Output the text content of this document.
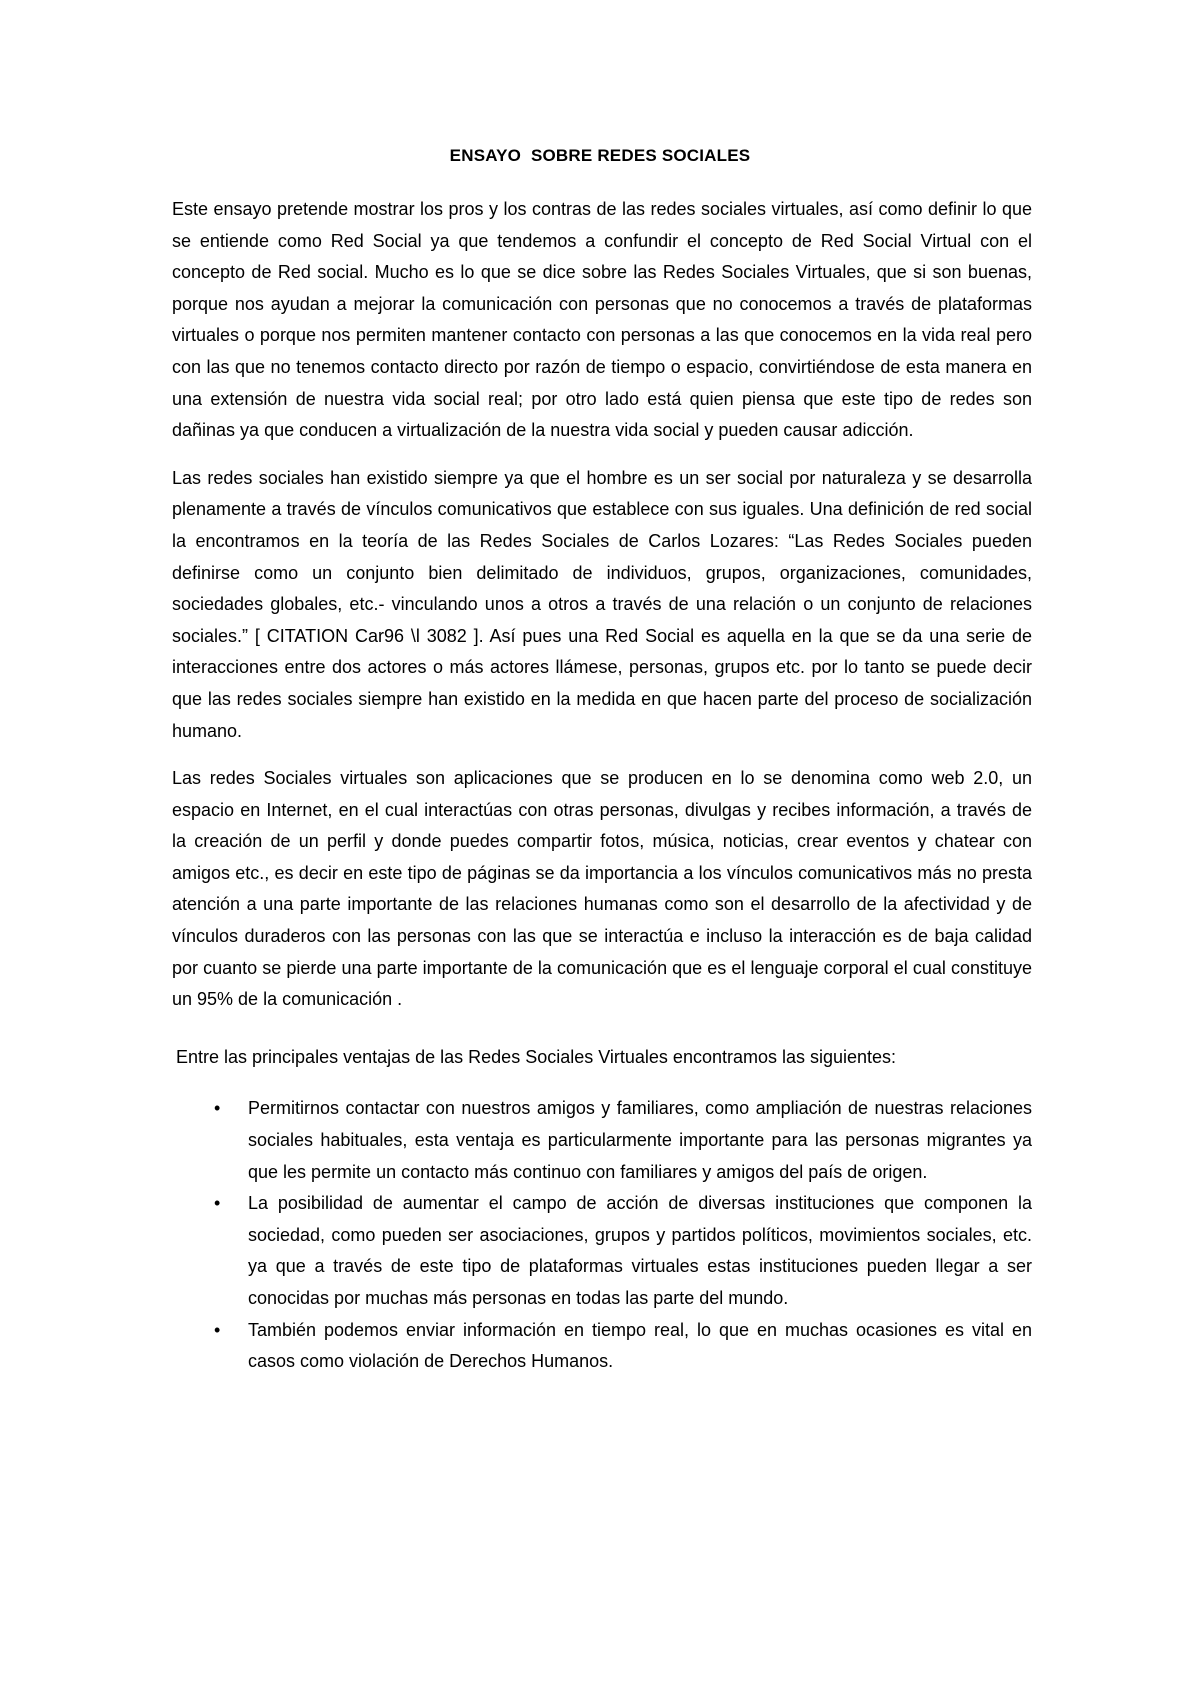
ENSAYO  SOBRE REDES SOCIALES

Este ensayo pretende mostrar los pros y los contras de las redes sociales virtuales, así como definir lo que se entiende como Red Social ya que tendemos a confundir el concepto de Red Social Virtual con el concepto de Red social. Mucho es lo que se dice sobre las Redes Sociales Virtuales, que si son buenas, porque nos ayudan a mejorar la comunicación con personas que no conocemos a través de plataformas virtuales o porque nos permiten mantener contacto con personas a las que conocemos en la vida real pero con las que no tenemos contacto directo por razón de tiempo o espacio, convirtiéndose de esta manera en una extensión de nuestra vida social real; por otro lado está quien piensa que este tipo de redes son dañinas ya que conducen a virtualización de la nuestra vida social y pueden causar adicción.

Las redes sociales han existido siempre ya que el hombre es un ser social por naturaleza y se desarrolla plenamente a través de vínculos comunicativos que establece con sus iguales. Una definición de red social la encontramos en la teoría de las Redes Sociales de Carlos Lozares: “Las Redes Sociales pueden definirse como un conjunto bien delimitado de individuos, grupos, organizaciones, comunidades, sociedades globales, etc.- vinculando unos a otros a través de una relación o un conjunto de relaciones sociales.” [ CITATION Car96 \l 3082 ]. Así pues una Red Social es aquella en la que se da una serie de interacciones entre dos actores o más actores llámese, personas, grupos etc. por lo tanto se puede decir que las redes sociales siempre han existido en la medida en que hacen parte del proceso de socialización humano.

Las redes Sociales virtuales son aplicaciones que se producen en lo se denomina como web 2.0, un espacio en Internet, en el cual interactúas con otras personas, divulgas y recibes información, a través de la creación de un perfil y donde puedes compartir fotos, música, noticias, crear eventos y chatear con amigos etc., es decir en este tipo de páginas se da importancia a los vínculos comunicativos más no presta atención a una parte importante de las relaciones humanas como son el desarrollo de la afectividad y de vínculos duraderos con las personas con las que se interactúa e incluso la interacción es de baja calidad por cuanto se pierde una parte importante de la comunicación que es el lenguaje corporal el cual constituye un 95% de la comunicación .

Entre las principales ventajas de las Redes Sociales Virtuales encontramos las siguientes:

• Permitirnos contactar con nuestros amigos y familiares, como ampliación de nuestras relaciones sociales habituales, esta ventaja es particularmente importante para las personas migrantes ya que les permite un contacto más continuo con familiares y amigos del país de origen.
• La posibilidad de aumentar el campo de acción de diversas instituciones que componen la sociedad, como pueden ser asociaciones, grupos y partidos políticos, movimientos sociales, etc. ya que a través de este tipo de plataformas virtuales estas instituciones pueden llegar a ser conocidas por muchas más personas en todas las parte del mundo.
• También podemos enviar información en tiempo real, lo que en muchas ocasiones es vital en casos como violación de Derechos Humanos.
